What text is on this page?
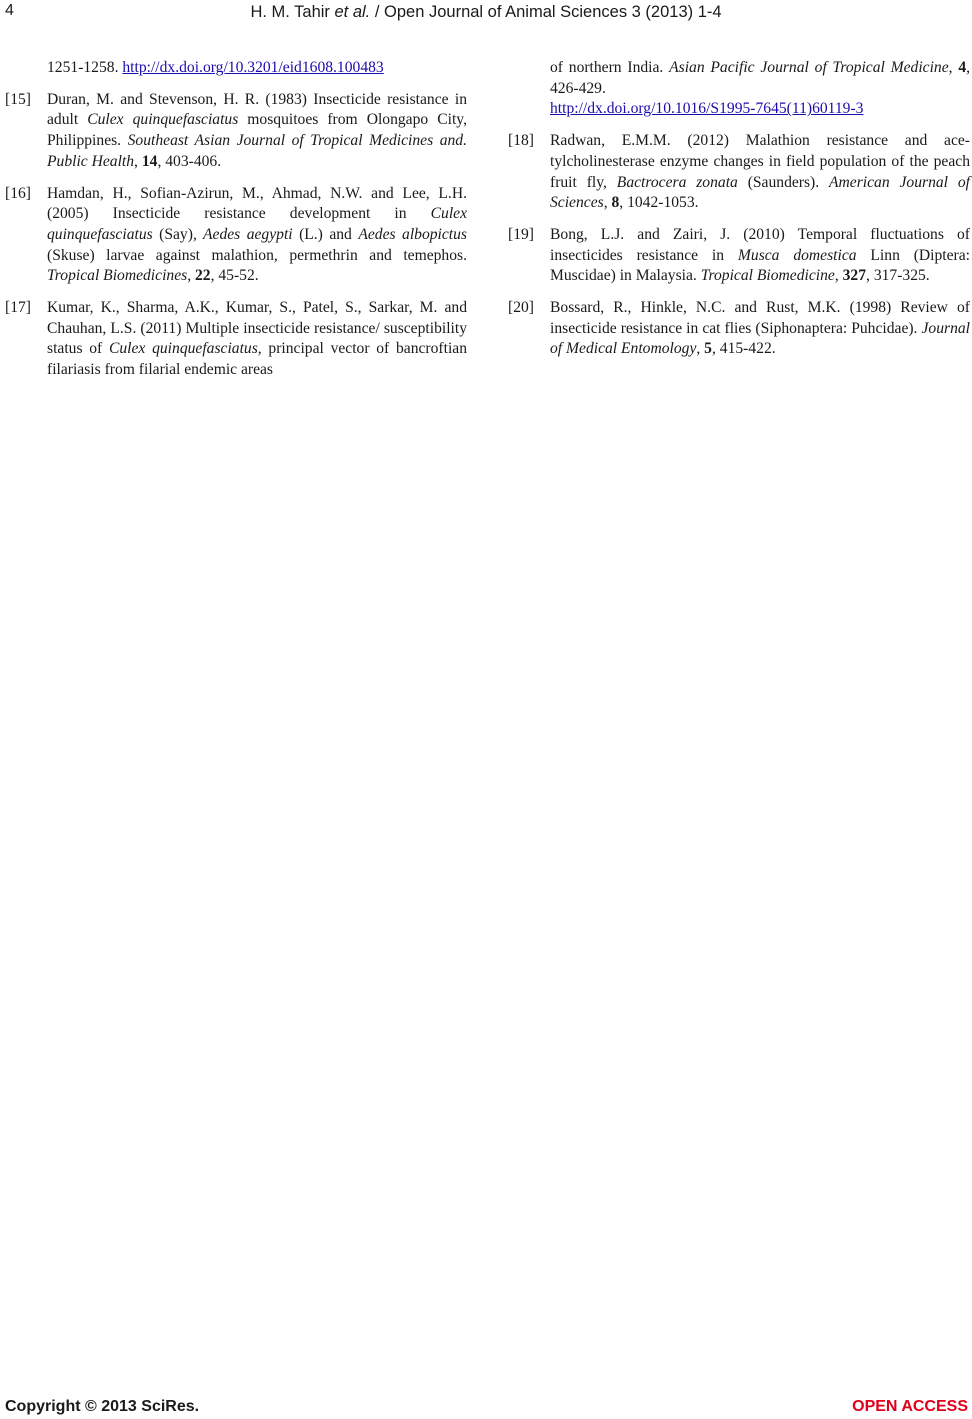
4	H. M. Tahir et al. / Open Journal of Animal Sciences 3 (2013) 1-4
1251-1258. http://dx.doi.org/10.3201/eid1608.100483
[15]	Duran, M. and Stevenson, H. R. (1983) Insecticide resistance in adult Culex quinquefasciatus mosquitoes from Olongapo City, Philippines. Southeast Asian Journal of Tropical Medicines and. Public Health, 14, 403-406.
[16]	Hamdan, H., Sofian-Azirun, M., Ahmad, N.W. and Lee, L.H. (2005) Insecticide resistance development in Culex quinquefasciatus (Say), Aedes aegypti (L.) and Aedes albopictus (Skuse) larvae against malathion, permethrin and temephos. Tropical Biomedicines, 22, 45-52.
[17]	Kumar, K., Sharma, A.K., Kumar, S., Patel, S., Sarkar, M. and Chauhan, L.S. (2011) Multiple insecticide resistance/ susceptibility status of Culex quinquefasciatus, principal vector of bancroftian filariasis from filarial endemic areas
of northern India. Asian Pacific Journal of Tropical Medicine, 4, 426-429.
http://dx.doi.org/10.1016/S1995-7645(11)60119-3
[18]	Radwan, E.M.M. (2012) Malathion resistance and acetylcholinesterase enzyme changes in field population of the peach fruit fly, Bactrocera zonata (Saunders). American Journal of Sciences, 8, 1042-1053.
[19]	Bong, L.J. and Zairi, J. (2010) Temporal fluctuations of insecticides resistance in Musca domestica Linn (Diptera: Muscidae) in Malaysia. Tropical Biomedicine, 327, 317-325.
[20]	Bossard, R., Hinkle, N.C. and Rust, M.K. (1998) Review of insecticide resistance in cat flies (Siphonaptera: Puhcidae). Journal of Medical Entomology, 5, 415-422.
Copyright © 2013 SciRes.	OPEN ACCESS
